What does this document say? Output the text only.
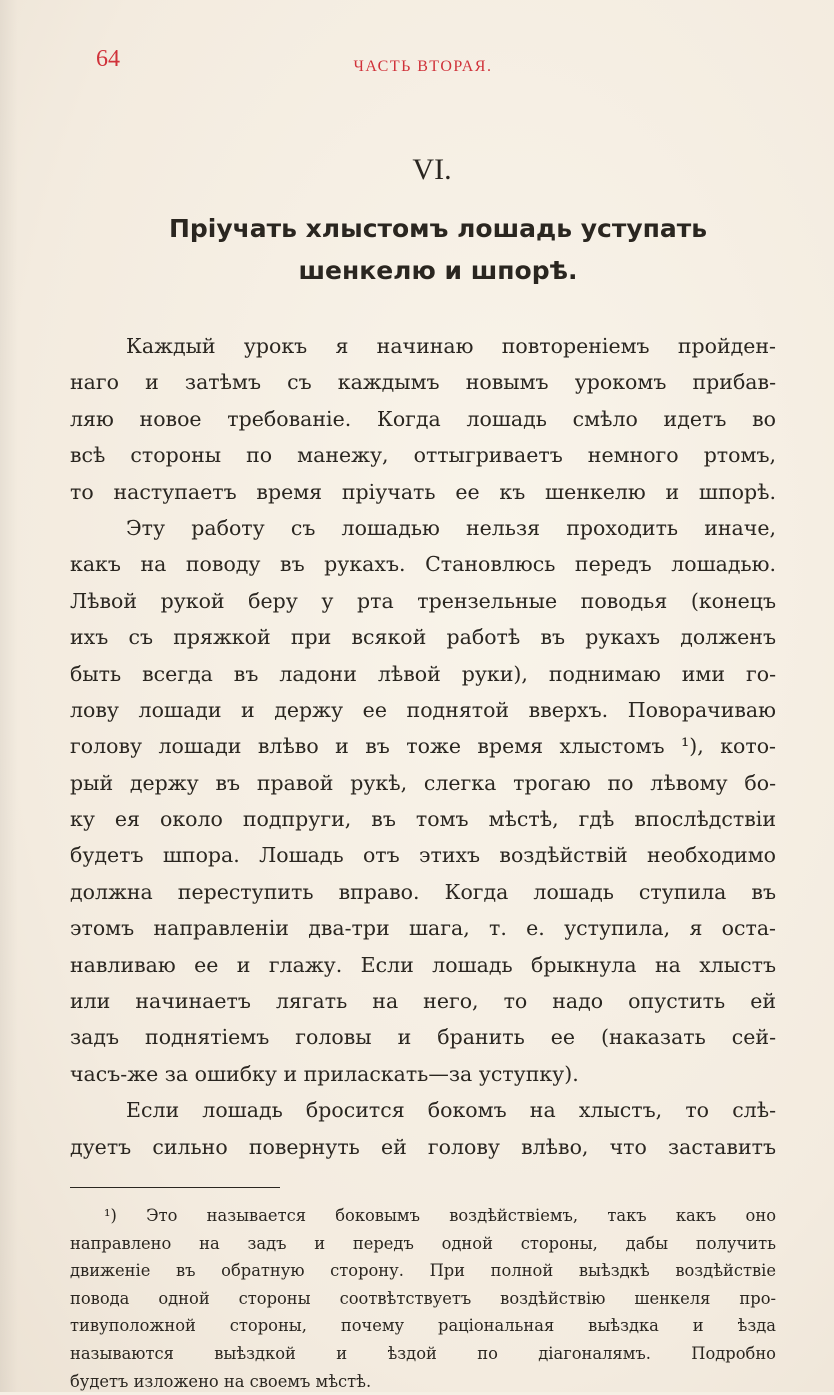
64	ЧАСТЬ ВТОРАЯ.
VI.
Пріучать хлыстомъ лошадь уступать
шенкелю и шпорѣ.
Каждый урокъ я начинаю повтореніемъ пройден-
наго и затѣмъ съ каждымъ новымъ урокомъ прибав-
ляю новое требованіе. Когда лошадь смѣло идетъ во
всѣ стороны по манежу, оттыгриваетъ немного ртомъ,
то наступаетъ время пріучать ее къ шенкелю и шпорѣ.
Эту работу съ лошадью нельзя проходить иначе,
какъ на поводу въ рукахъ. Становлюсь передъ лошадью.
Лѣвой рукой беру у рта трензельные поводья (конецъ
ихъ съ пряжкой при всякой работѣ въ рукахъ долженъ
быть всегда въ ладони лѣвой руки), поднимаю ими го-
лову лошади и держу ее поднятой вверхъ. Поворачиваю
голову лошади влѣво и въ тоже время хлыстомъ ¹), кото-
рый держу въ правой рукѣ, слегка трогаю по лѣвому бо-
ку ея около подпруги, въ томъ мѣстѣ, гдѣ впослѣдствіи
будетъ шпора. Лошадь отъ этихъ воздѣйствій необходимо
должна переступить вправо. Когда лошадь ступила въ
этомъ направленіи два-три шага, т. е. уступила, я оста-
навливаю ее и глажу. Если лошадь брыкнула на хлыстъ
или начинаетъ лягать на него, то надо опустить ей
задъ поднятіемъ головы и бранить ее (наказать сей-
часъ-же за ошибку и приласкать—за уступку).
Если лошадь бросится бокомъ на хлыстъ, то слѣ-
дуетъ сильно повернуть ей голову влѣво, что заставитъ
¹) Это называется боковымъ воздѣйствіемъ, такъ какъ оно
направлено на задъ и передъ одной стороны, дабы получить
движеніе въ обратную сторону. При полной выѣздкѣ воздѣйствіе
повода одной стороны соотвѣтствуетъ воздѣйствію шенкеля про-
тивуположной стороны, почему раціональная выѣздка и ѣзда
называются выѣздкой и ѣздой по діагоналямъ. Подробно
будетъ изложено на своемъ мѣстѣ.
